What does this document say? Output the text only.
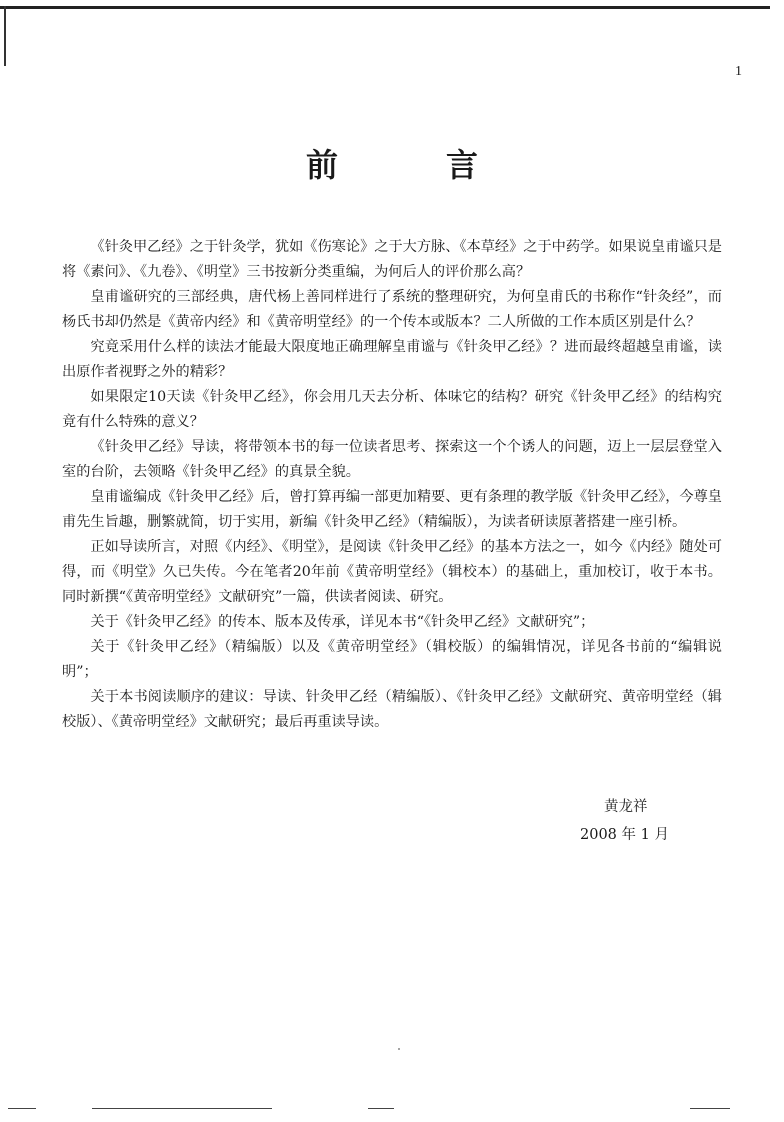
1
前　言

《针灸甲乙经》之于针灸学，犹如《伤寒论》之于大方脉、《本草经》之于中药学。如果说皇甫谧只是将《素问》、《九卷》、《明堂》三书按新分类重编，为何后人的评价那么高？

皇甫谧研究的三部经典，唐代杨上善同样进行了系统的整理研究，为何皇甫氏的书称作“针灸经”，而杨氏书却仍然是《黄帝内经》和《黄帝明堂经》的一个传本或版本？二人所做的工作本质区别是什么？

究竟采用什么样的读法才能最大限度地正确理解皇甫谧与《针灸甲乙经》？进而最终超越皇甫谧，读出原作者视野之外的精彩？

如果限定10天读《针灸甲乙经》，你会用几天去分析、体味它的结构？研究《针灸甲乙经》的结构究竟有什么特殊的意义？

《针灸甲乙经》导读，将带领本书的每一位读者思考、探索这一个个诱人的问题，迈上一层层登堂入室的台阶，去领略《针灸甲乙经》的真景全貌。

皇甫谧编成《针灸甲乙经》后，曾打算再编一部更加精要、更有条理的教学版《针灸甲乙经》，今尊皇甫先生旨趣，删繁就简，切于实用，新编《针灸甲乙经》（精编版），为读者研读原著搭建一座引桥。

正如导读所言，对照《内经》、《明堂》，是阅读《针灸甲乙经》的基本方法之一，如今《内经》随处可得，而《明堂》久已失传。今在笔者20年前《黄帝明堂经》（辑校本）的基础上，重加校订，收于本书。同时新撰“《黄帝明堂经》文献研究”一篇，供读者阅读、研究。

关于《针灸甲乙经》的传本、版本及传承，详见本书“《针灸甲乙经》文献研究”；

关于《针灸甲乙经》（精编版）以及《黄帝明堂经》（辑校版）的编辑情况，详见各书前的“编辑说明”；

关于本书阅读顺序的建议：导读、针灸甲乙经（精编版）、《针灸甲乙经》文献研究、黄帝明堂经（辑校版）、《黄帝明堂经》文献研究；最后再重读导读。

黄龙祥
2008 年 1 月
